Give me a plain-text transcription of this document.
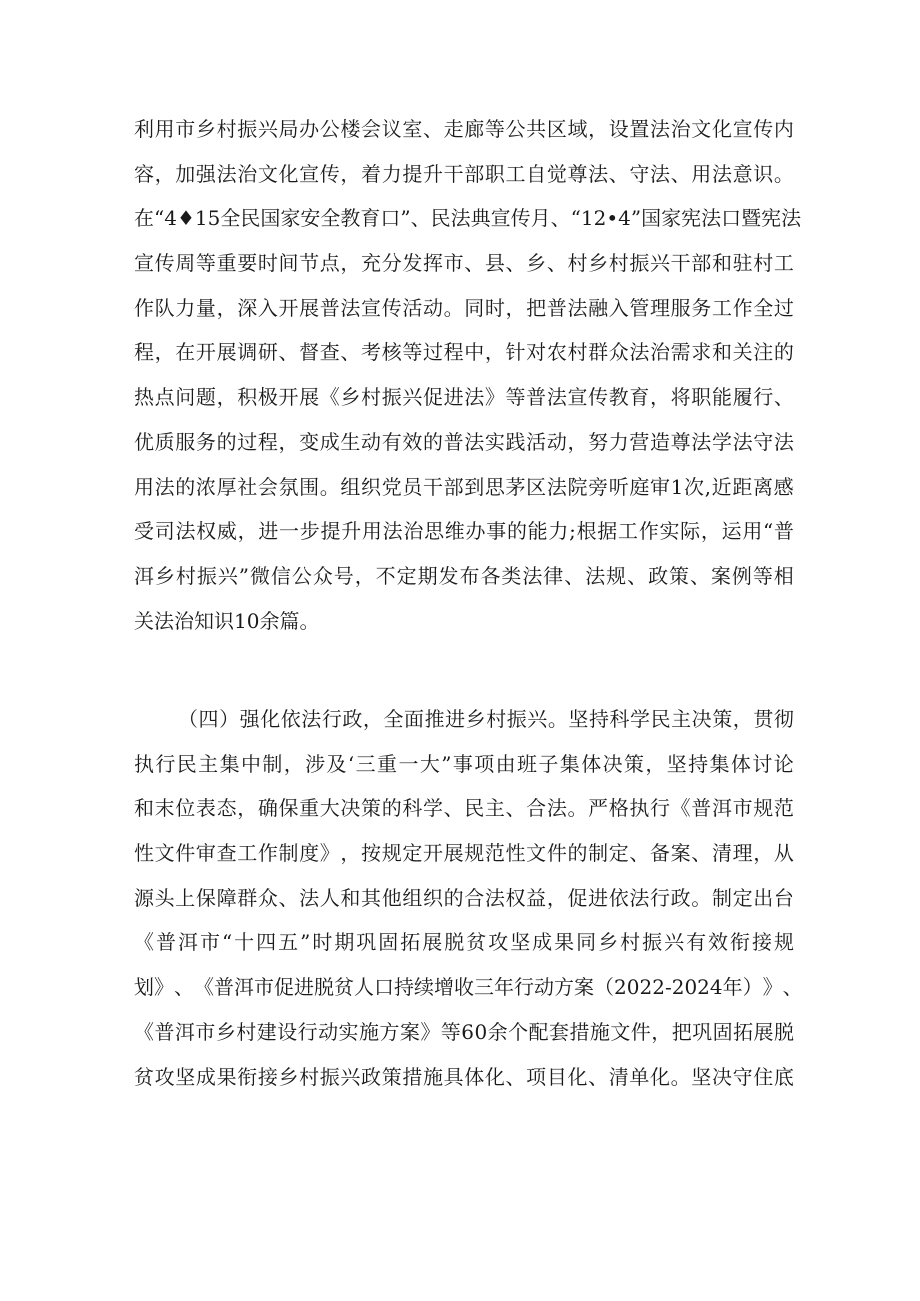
利 用 市 乡 村 振 兴 局 办 公 楼 会 议 室 、 走 廊 等 公 共 区 域 ， 设 置 法 治 文 化 宣 传 内
容 ， 加 强 法 治 文 化 宣 传 ， 着 力 提 升 干 部 职 工 自 觉 尊 法 、 守 法 、 用 法 意 识 。
在 “ 4 ♦ 1 5 全 民 国 家 安 全 教 育 口 ” 、 民 法 典 宣 传 月 、 “ 1 2 • 4 ” 国 家 宪 法 口 暨 宪 法
宣 传 周 等 重 要 时 间 节 点 ， 充 分 发 挥 市 、 县 、 乡 、 村 乡 村 振 兴 干 部 和 驻 村 工
作 队 力 量 ， 深 入 开 展 普 法 宣 传 活 动 。 同 时 ， 把 普 法 融 入 管 理 服 务 工 作 全 过
程 ， 在 开 展 调 研 、 督 查 、 考 核 等 过 程 中 ， 针 对 农 村 群 众 法 治 需 求 和 关 注 的
热 点 问 题 ， 积 极 开 展 《 乡 村 振 兴 促 进 法 》 等 普 法 宣 传 教 育 ， 将 职 能 履 行 、
优 质 服 务 的 过 程 ， 变 成 生 动 有 效 的 普 法 实 践 活 动 ， 努 力 营 造 尊 法 学 法 守 法
用 法 的 浓 厚 社 会 氛 围 。 组 织 党 员 干 部 到 思 茅 区 法 院 旁 听 庭 审 1 次 , 近 距 离 感
受 司 法 权 威 ， 进 一 步 提 升 用 法 治 思 维 办 事 的 能 力 ; 根 据 工 作 实 际 ， 运 用 “ 普
洱 乡 村 振 兴 ” 微 信 公 众 号 ， 不 定 期 发 布 各 类 法 律 、 法 规 、 政 策 、 案 例 等 相
关法治知识10余篇。
（ 四 ） 强 化 依 法 行 政 ， 全 面 推 进 乡 村 振 兴 。 坚 持 科 学 民 主 决 策 ， 贯 彻
执 行 民 主 集 中 制 ， 涉 及 ‘ 三 重 一 大 ” 事 项 由 班 子 集 体 决 策 ， 坚 持 集 体 讨 论
和 末 位 表 态 ， 确 保 重 大 决 策 的 科 学 、 民 主 、 合 法 。 严 格 执 行 《 普 洱 市 规 范
性 文 件 审 查 工 作 制 度 》 ， 按 规 定 开 展 规 范 性 文 件 的 制 定 、 备 案 、 清 理 ， 从
源 头 上 保 障 群 众 、 法 人 和 其 他 组 织 的 合 法 权 益 ， 促 进 依 法 行 政 。 制 定 出 台
《 普 洱 市 “ 十 四 五 ” 时 期 巩 固 拓 展 脱 贫 攻 坚 成 果 同 乡 村 振 兴 有 效 衔 接 规
划 》 、 《 普 洱 市 促 进 脱 贫 人 口 持 续 增 收 三 年 行 动 方 案 （ 2 0 2 2 - 2 0 2 4 年 ） 》 、
《 普 洱 市 乡 村 建 设 行 动 实 施 方 案 》 等 6 0 余 个 配 套 措 施 文 件 ， 把 巩 固 拓 展 脱
贫 攻 坚 成 果 衔 接 乡 村 振 兴 政 策 措 施 具 体 化 、 项 目 化 、 清 单 化 。 坚 决 守 住 底
